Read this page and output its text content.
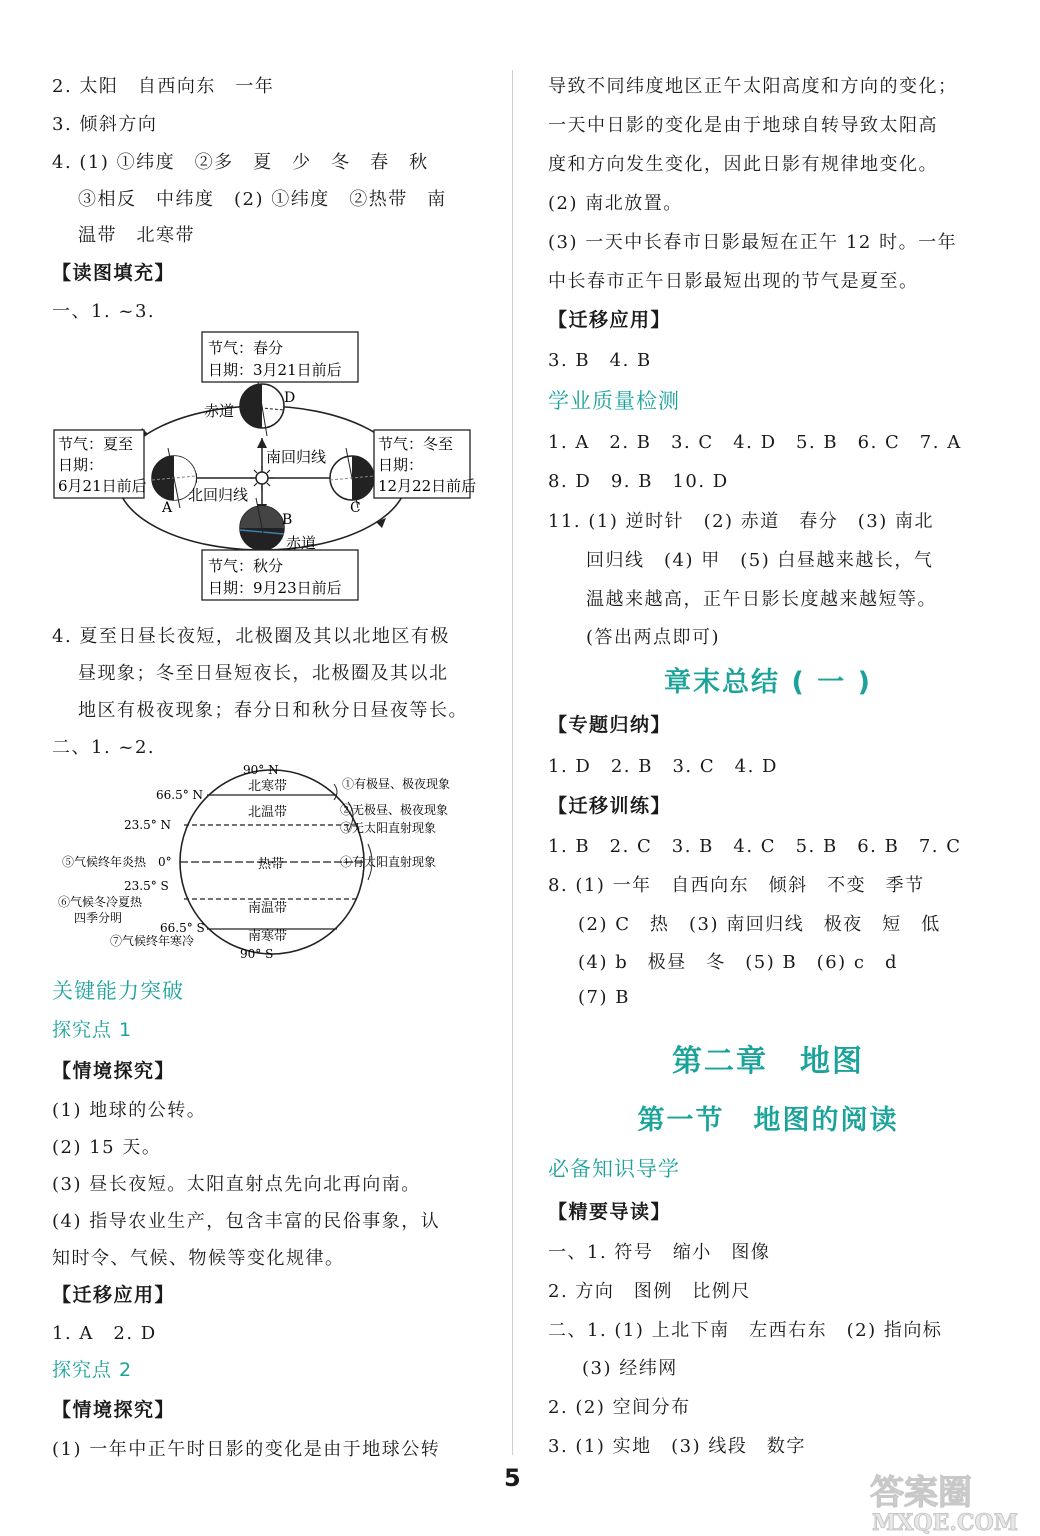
2. 太阳　自西向东　一年
3. 倾斜方向
4. (1) ①纬度　②多　夏　少　冬　春　秋
③相反　中纬度　(2) ①纬度　②热带　南
温带　北寒带
【读图填充】
一、1. ~3.
节气：春分
日期：3月21日前后
节气：夏至
日期：
6月21日前后
节气：冬至
日期：
12月22日前后
节气：秋分
日期：9月23日前后
赤道
赤道
南回归线
北回归线
A
B
C
D
4. 夏至日昼长夜短，北极圈及其以北地区有极
昼现象；冬至日昼短夜长，北极圈及其以北
地区有极夜现象；春分日和秋分日昼夜等长。
二、1. ~2.
90° N
66.5° N
23.5° N
0°
23.5° S
66.5° S
90° S
北寒带
北温带
热带
南温带
南寒带
①有极昼、极夜现象
②无极昼、极夜现象
③无太阳直射现象
④有太阳直射现象
⑤气候终年炎热
⑥气候冬冷夏热
四季分明
⑦气候终年寒冷
关键能力突破
探究点 1
【情境探究】
(1) 地球的公转。
(2) 15 天。
(3) 昼长夜短。太阳直射点先向北再向南。
(4) 指导农业生产，包含丰富的民俗事象，认
知时令、气候、物候等变化规律。
【迁移应用】
1. A　2. D
探究点 2
【情境探究】
(1) 一年中正午时日影的变化是由于地球公转
导致不同纬度地区正午太阳高度和方向的变化；
一天中日影的变化是由于地球自转导致太阳高
度和方向发生变化，因此日影有规律地变化。
(2) 南北放置。
(3) 一天中长春市日影最短在正午 12 时。一年
中长春市正午日影最短出现的节气是夏至。
【迁移应用】
3. B　4. B
学业质量检测
1. A　2. B　3. C　4. D　5. B　6. C　7. A
8. D　9. B　10. D
11. (1) 逆时针　(2) 赤道　春分　(3) 南北
回归线　(4) 甲　(5) 白昼越来越长，气
温越来越高，正午日影长度越来越短等。
(答出两点即可)
章末总结 ( 一 )
【专题归纳】
1. D　2. B　3. C　4. D
【迁移训练】
1. B　2. C　3. B　4. C　5. B　6. B　7. C
8. (1) 一年　自西向东　倾斜　不变　季节
(2) C　热　(3) 南回归线　极夜　短　低
(4) b　极昼　冬　(5) B　(6) c　d
(7) B
第二章　地图
第一节　地图的阅读
必备知识导学
【精要导读】
一、1. 符号　缩小　图像
2. 方向　图例　比例尺
二、1. (1) 上北下南　左西右东　(2) 指向标
(3) 经纬网
2. (2) 空间分布
3. (1) 实地　(3) 线段　数字
5	答案圈
MXQE.COM
